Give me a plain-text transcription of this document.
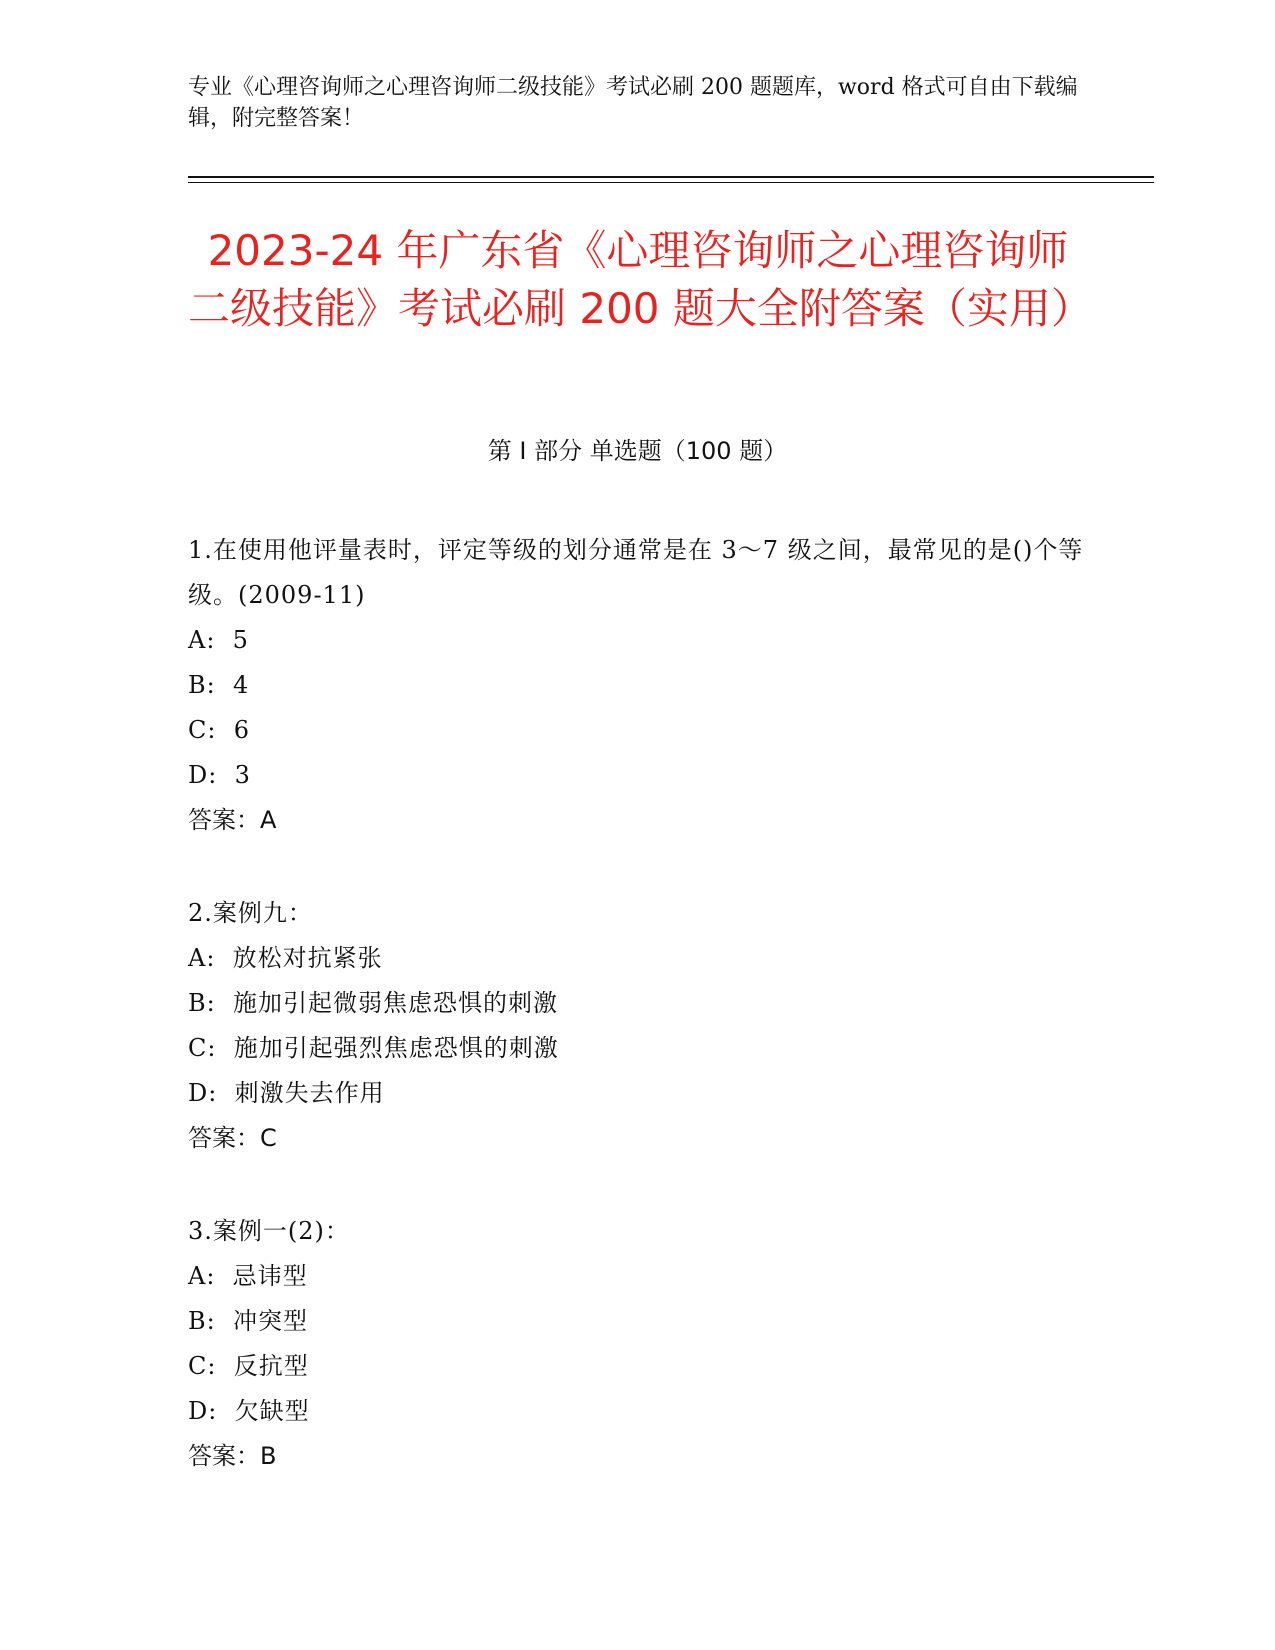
专业《心理咨询师之心理咨询师二级技能》考试必刷 200 题题库，word 格式可自由下载编辑，附完整答案！
2023-24 年广东省《心理咨询师之心理咨询师二级技能》考试必刷 200 题大全附答案（实用）
第 I 部分 单选题（100 题）
1.在使用他评量表时，评定等级的划分通常是在 3～7 级之间，最常见的是()个等级。(2009-11)
A:  5
B:  4
C:  6
D:  3
答案：A
2.案例九：
A:  放松对抗紧张
B:  施加引起微弱焦虑恐惧的刺激
C:  施加引起强烈焦虑恐惧的刺激
D:  刺激失去作用
答案：C
3.案例一(2)：
A:  忌讳型
B:  冲突型
C:  反抗型
D:  欠缺型
答案：B
